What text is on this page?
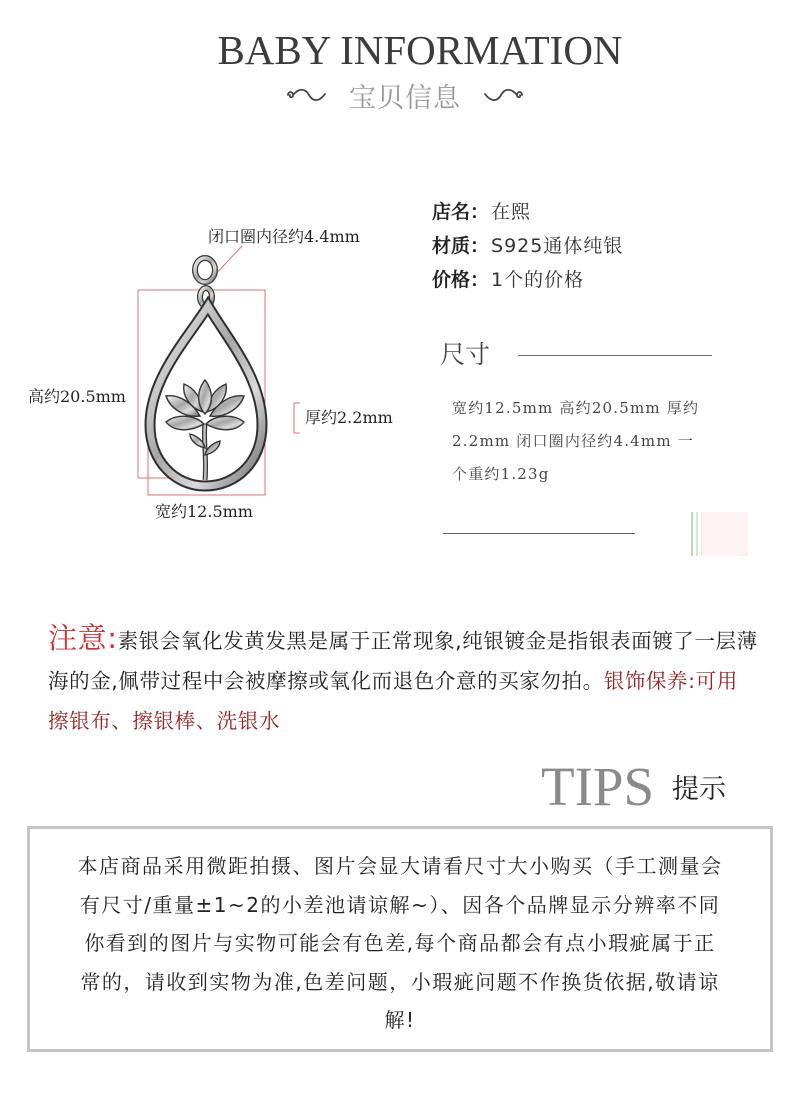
BABY INFORMATION
宝贝信息
闭口圈内径约4.4mm
高约20.5mm
厚约2.2mm
宽约12.5mm
店名： 在熙
材质： S925通体纯银
价格： 1个的价格
尺寸
宽约12.5mm 高约20.5mm 厚约
2.2mm 闭口圈内径约4.4mm 一
个重约1.23g
注意:素银会氧化发黄发黑是属于正常现象,纯银镀金是指银表面镀了一层薄海的金,佩带过程中会被摩擦或氧化而退色介意的买家勿拍。银饰保养:可用擦银布、擦银棒、洗银水
TIPS 提示
本店商品采用微距拍摄、图片会显大请看尺寸大小购买（手工测量会
有尺寸/重量±1~2的小差池请谅解~）、因各个品牌显示分辨率不同
你看到的图片与实物可能会有色差,每个商品都会有点小瑕疵属于正
常的，请收到实物为准,色差问题，小瑕疵问题不作换货依据,敬请谅
解!
